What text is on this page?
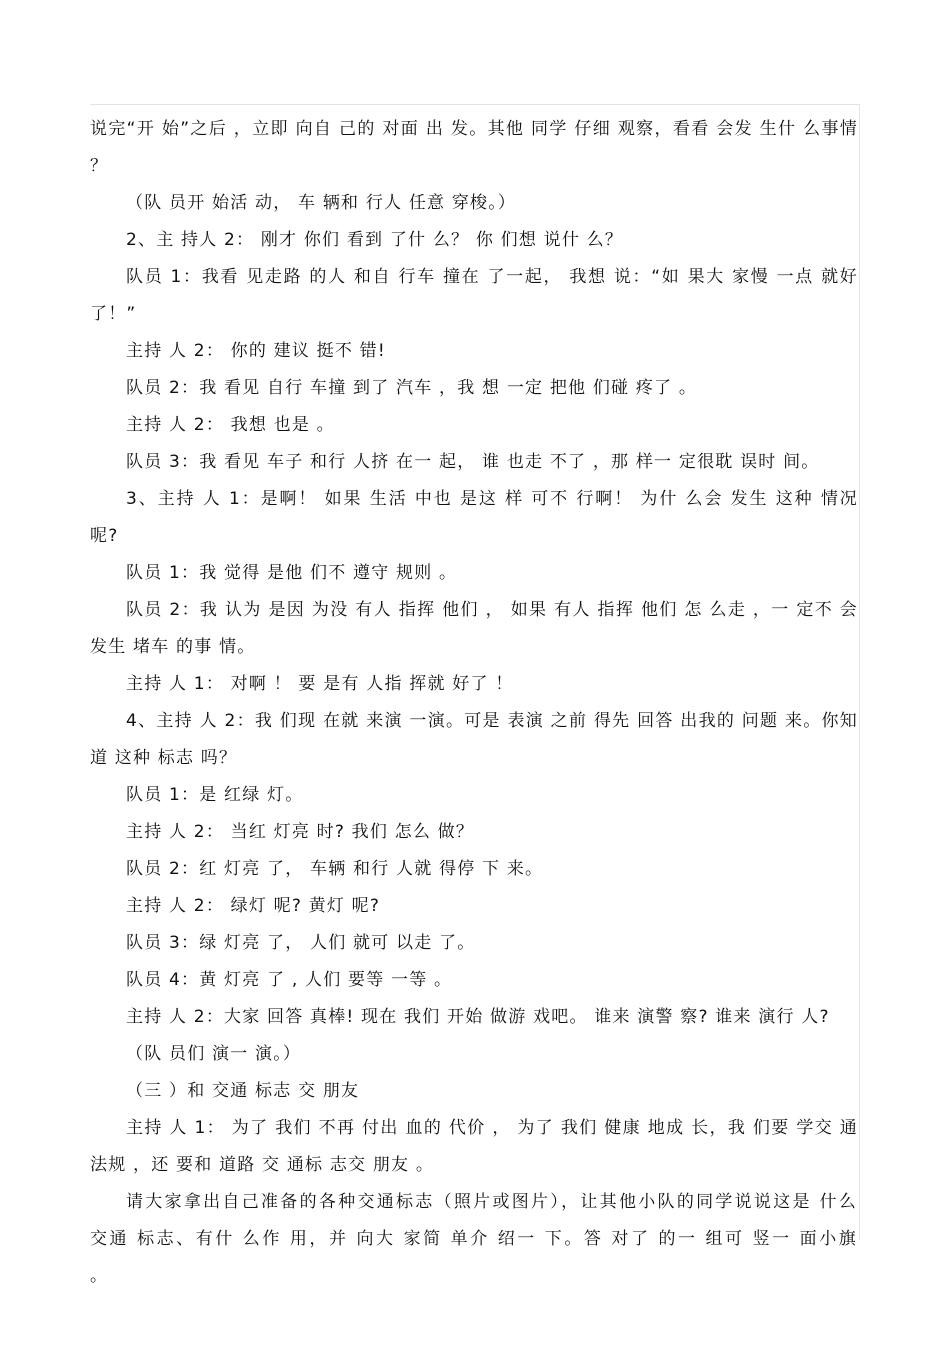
说完“开 始”之后 ，立即 向自 己的 对面 出 发。其他 同学 仔细 观察，看看 会发 生什 么事情 ？

（队 员开 始活 动， 车 辆和 行人 任意 穿梭。）

2、主 持人 2： 刚才 你们 看到 了什 么？ 你 们想 说什 么？

队员 1：我看 见走路 的人 和自 行车 撞在 了一起， 我想 说：“如 果大 家慢 一点 就好了！”

主持 人 2： 你的 建议 挺不 错!

队员 2：我 看见 自行 车撞 到了 汽车 ，我 想 一定 把他 们碰 疼了 。

主持 人 2： 我想 也是 。

队员 3：我 看见 车子 和行 人挤 在一 起， 谁 也走 不了 ，那 样一 定很耽 误时 间。

3、主持 人 1：是啊！ 如果 生活 中也 是这 样 可不 行啊！ 为什 么会 发生 这种 情况 呢?

队员 1：我 觉得 是他 们不 遵守 规则 。

队员 2：我 认为 是因 为没 有人 指挥 他们 ， 如果 有人 指挥 他们 怎 么走 ，一 定不 会发生 堵车 的事 情。

主持 人 1： 对啊 ！ 要 是有 人指 挥就 好了 ！

4、主持 人 2：我 们现 在就 来演 一演。可是 表演 之前 得先 回答 出我的 问题 来。你知道 这种 标志 吗？

队员 1：是 红绿 灯。

主持 人 2： 当红 灯亮 时? 我们 怎么 做？

队员 2：红 灯亮 了， 车辆 和行 人就 得停 下 来。

主持 人 2： 绿灯 呢? 黄灯 呢?

队员 3：绿 灯亮 了， 人们 就可 以走 了。

队员 4：黄 灯亮 了 , 人们 要等 一等 。

主持 人 2：大家 回答 真棒! 现在 我们 开始 做游 戏吧。 谁来 演警 察? 谁来 演行 人?

（队 员们 演一 演。）

（三 ）和 交通 标志 交 朋友

主持 人 1： 为了 我们 不再 付出 血的 代价 ， 为了 我们 健康 地成 长，我 们要 学交 通法规 ，还 要和 道路 交 通标 志交 朋友 。

请大家拿出自己准备的各种交通标志（照片或图片），让其他小队的同学说说这是 什么 交通 标志、有什 么作 用，并 向大 家简 单介 绍一 下。答 对了 的一 组可 竖一 面小旗 。
